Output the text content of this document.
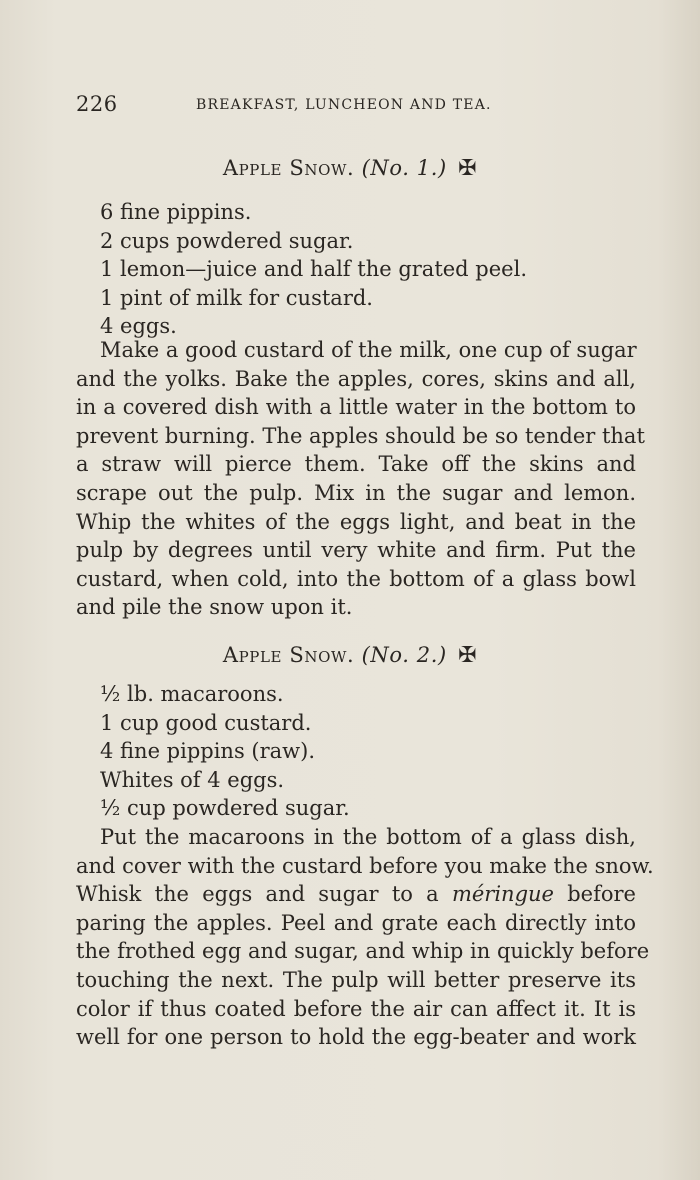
226	BREAKFAST, LUNCHEON AND TEA.
Apple Snow. (No. 1.) ✠
6 fine pippins.
2 cups powdered sugar.
1 lemon—juice and half the grated peel.
1 pint of milk for custard.
4 eggs.
Make a good custard of the milk, one cup of sugar
and the yolks. Bake the apples, cores, skins and all,
in a covered dish with a little water in the bottom to
prevent burning. The apples should be so tender that
a straw will pierce them. Take off the skins and
scrape out the pulp. Mix in the sugar and lemon.
Whip the whites of the eggs light, and beat in the
pulp by degrees until very white and firm. Put the
custard, when cold, into the bottom of a glass bowl
and pile the snow upon it.
Apple Snow. (No. 2.) ✠
½ lb. macaroons.
1 cup good custard.
4 fine pippins (raw).
Whites of 4 eggs.
½ cup powdered sugar.
Put the macaroons in the bottom of a glass dish,
and cover with the custard before you make the snow.
Whisk the eggs and sugar to a méringue before
paring the apples. Peel and grate each directly into
the frothed egg and sugar, and whip in quickly before
touching the next. The pulp will better preserve its
color if thus coated before the air can affect it. It is
well for one person to hold the egg-beater and work
